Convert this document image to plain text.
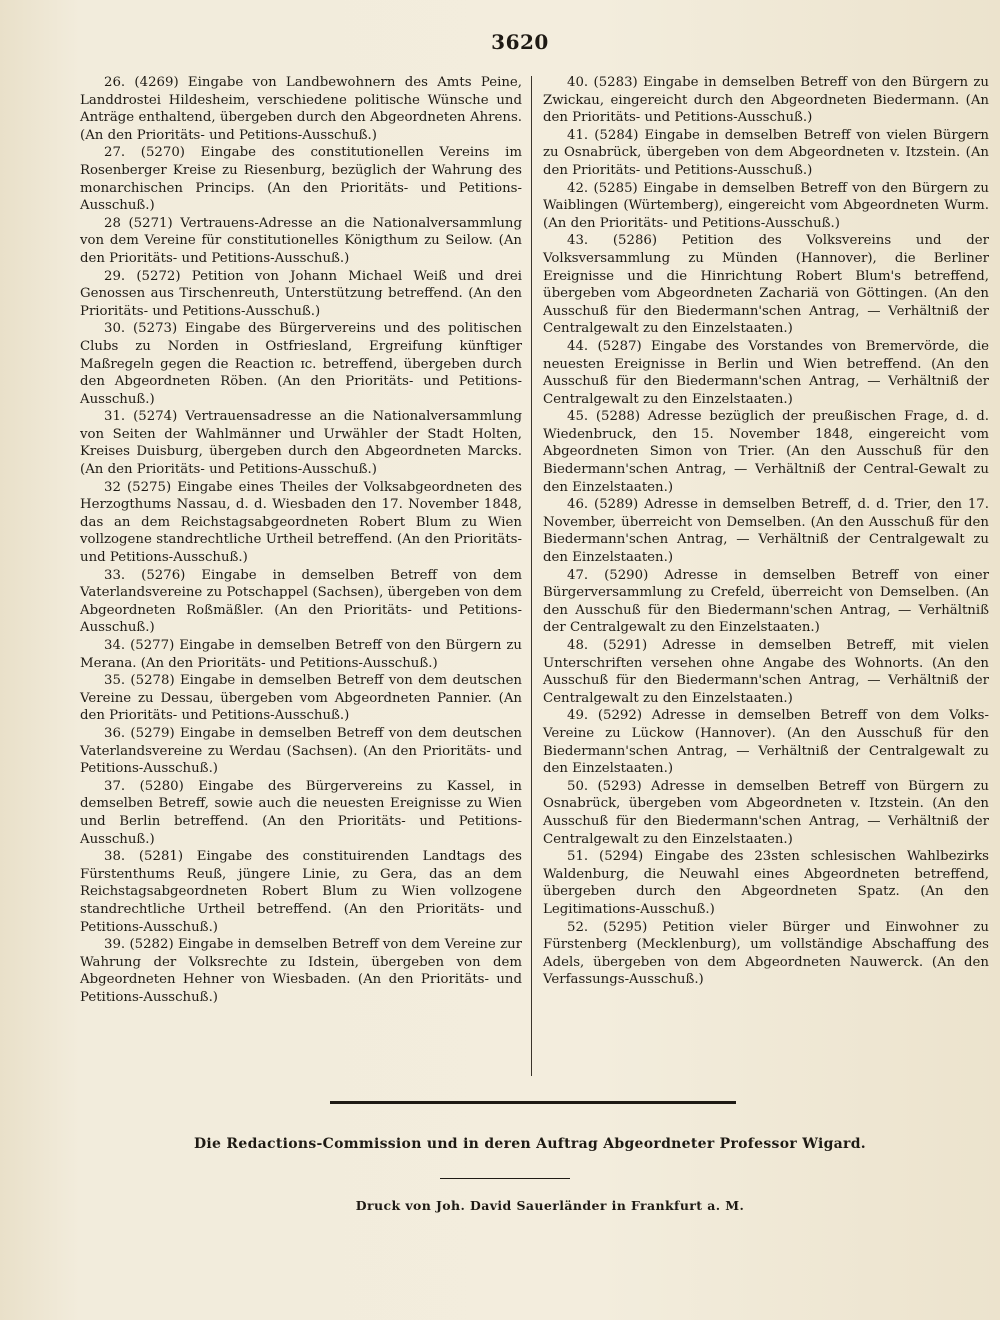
3620

26. (4269) Eingabe von Landbewohnern des Amts Peine, Landdrostei Hildesheim, verschiedene politische Wünsche und Anträge enthaltend, übergeben durch den Abgeordneten Ahrens. (An den Prioritäts- und Petitions-Ausschuß.)

27. (5270) Eingabe des constitutionellen Vereins im Rosenberger Kreise zu Riesenburg, bezüglich der Wahrung des monarchischen Princips. (An den Prioritäts- und Petitions-Ausschuß.)

28 (5271) Vertrauens-Adresse an die Nationalversammlung von dem Vereine für constitutionelles Königthum zu Seilow. (An den Prioritäts- und Petitions-Ausschuß.)

29. (5272) Petition von Johann Michael Weiß und drei Genossen aus Tirschenreuth, Unterstützung betreffend. (An den Prioritäts- und Petitions-Ausschuß.)

30. (5273) Eingabe des Bürgervereins und des politischen Clubs zu Norden in Ostfriesland, Ergreifung künftiger Maßregeln gegen die Reaction ɪc. betreffend, übergeben durch den Abgeordneten Röben. (An den Prioritäts- und Petitions-Ausschuß.)

31. (5274) Vertrauensadresse an die Nationalversammlung von Seiten der Wahlmänner und Urwähler der Stadt Holten, Kreises Duisburg, übergeben durch den Abgeordneten Marcks. (An den Prioritäts- und Petitions-Ausschuß.)

32 (5275) Eingabe eines Theiles der Volksabgeordneten des Herzogthums Nassau, d. d. Wiesbaden den 17. November 1848, das an dem Reichstagsabgeordneten Robert Blum zu Wien vollzogene standrechtliche Urtheil betreffend. (An den Prioritäts- und Petitions-Ausschuß.)

33. (5276) Eingabe in demselben Betreff von dem Vaterlandsvereine zu Potschappel (Sachsen), übergeben von dem Abgeordneten Roßmäßler. (An den Prioritäts- und Petitions-Ausschuß.)

34. (5277) Eingabe in demselben Betreff von den Bürgern zu Merana. (An den Prioritäts- und Petitions-Ausschuß.)

35. (5278) Eingabe in demselben Betreff von dem deutschen Vereine zu Dessau, übergeben vom Abgeordneten Pannier. (An den Prioritäts- und Petitions-Ausschuß.)

36. (5279) Eingabe in demselben Betreff von dem deutschen Vaterlandsvereine zu Werdau (Sachsen). (An den Prioritäts- und Petitions-Ausschuß.)

37. (5280) Eingabe des Bürgervereins zu Kassel, in demselben Betreff, sowie auch die neuesten Ereignisse zu Wien und Berlin betreffend. (An den Prioritäts- und Petitions-Ausschuß.)

38. (5281) Eingabe des constituirenden Landtags des Fürstenthums Reuß, jüngere Linie, zu Gera, das an dem Reichstagsabgeordneten Robert Blum zu Wien vollzogene standrechtliche Urtheil betreffend. (An den Prioritäts- und Petitions-Ausschuß.)

39. (5282) Eingabe in demselben Betreff von dem Vereine zur Wahrung der Volksrechte zu Idstein, übergeben von dem Abgeordneten Hehner von Wiesbaden. (An den Prioritäts- und Petitions-Ausschuß.)

40. (5283) Eingabe in demselben Betreff von den Bürgern zu Zwickau, eingereicht durch den Abgeordneten Biedermann. (An den Prioritäts- und Petitions-Ausschuß.)

41. (5284) Eingabe in demselben Betreff von vielen Bürgern zu Osnabrück, übergeben von dem Abgeordneten v. Itzstein. (An den Prioritäts- und Petitions-Ausschuß.)

42. (5285) Eingabe in demselben Betreff von den Bürgern zu Waiblingen (Würtemberg), eingereicht vom Abgeordneten Wurm. (An den Prioritäts- und Petitions-Ausschuß.)

43. (5286) Petition des Volksvereins und der Volksversammlung zu Münden (Hannover), die Berliner Ereignisse und die Hinrichtung Robert Blum's betreffend, übergeben vom Abgeordneten Zachariä von Göttingen. (An den Ausschuß für den Biedermann'schen Antrag, — Verhältniß der Centralgewalt zu den Einzelstaaten.)

44. (5287) Eingabe des Vorstandes von Bremervörde, die neuesten Ereignisse in Berlin und Wien betreffend. (An den Ausschuß für den Biedermann'schen Antrag, — Verhältniß der Centralgewalt zu den Einzelstaaten.)

45. (5288) Adresse bezüglich der preußischen Frage, d. d. Wiedenbruck, den 15. November 1848, eingereicht vom Abgeordneten Simon von Trier. (An den Ausschuß für den Biedermann'schen Antrag, — Verhältniß der Central-Gewalt zu den Einzelstaaten.)

46. (5289) Adresse in demselben Betreff, d. d. Trier, den 17. November, überreicht von Demselben. (An den Ausschuß für den Biedermann'schen Antrag, — Verhältniß der Centralgewalt zu den Einzelstaaten.)

47. (5290) Adresse in demselben Betreff von einer Bürgerversammlung zu Crefeld, überreicht von Demselben. (An den Ausschuß für den Biedermann'schen Antrag, — Verhältniß der Centralgewalt zu den Einzelstaaten.)

48. (5291) Adresse in demselben Betreff, mit vielen Unterschriften versehen ohne Angabe des Wohnorts. (An den Ausschuß für den Biedermann'schen Antrag, — Verhältniß der Centralgewalt zu den Einzelstaaten.)

49. (5292) Adresse in demselben Betreff von dem Volks-Vereine zu Lückow (Hannover). (An den Ausschuß für den Biedermann'schen Antrag, — Verhältniß der Centralgewalt zu den Einzelstaaten.)

50. (5293) Adresse in demselben Betreff von Bürgern zu Osnabrück, übergeben vom Abgeordneten v. Itzstein. (An den Ausschuß für den Biedermann'schen Antrag, — Verhältniß der Centralgewalt zu den Einzelstaaten.)

51. (5294) Eingabe des 23sten schlesischen Wahlbezirks Waldenburg, die Neuwahl eines Abgeordneten betreffend, übergeben durch den Abgeordneten Spatz. (An den Legitimations-Ausschuß.)

52. (5295) Petition vieler Bürger und Einwohner zu Fürstenberg (Mecklenburg), um vollständige Abschaffung des Adels, übergeben von dem Abgeordneten Nauwerck. (An den Verfassungs-Ausschuß.)

Die Redactions-Commission und in deren Auftrag Abgeordneter Professor Wigard.
Druck von Joh. David Sauerländer in Frankfurt a. M.
